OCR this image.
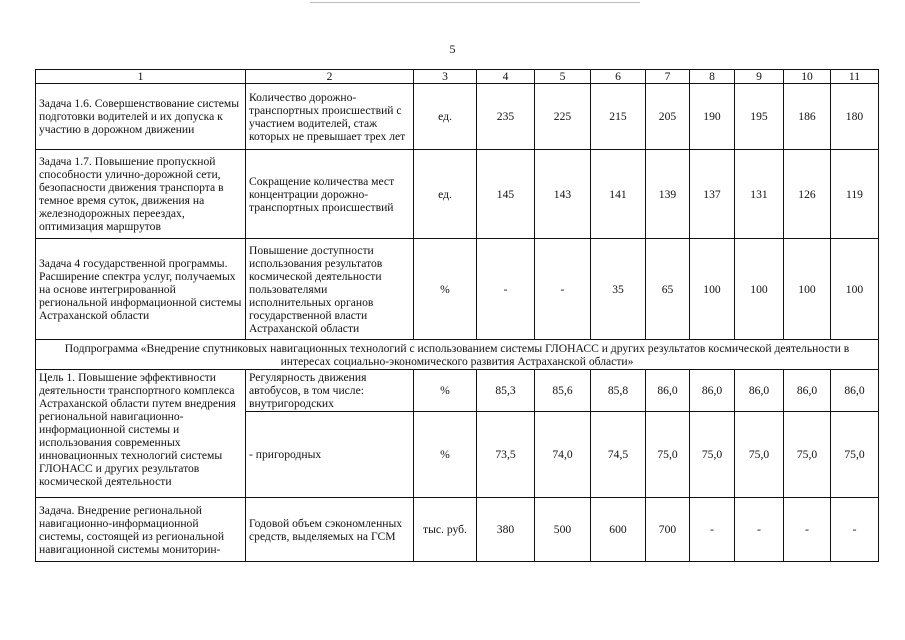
5
1	2	3	4	5	6	7	8	9	10	11
Задача 1.6. Совершенствование системы подготовки водителей и их допуска к участию в дорожном движении	Количество дорожно-транспортных происшествий с участием водителей, стаж которых не превышает трех лет	ед.	235	225	215	205	190	195	186	180
Задача 1.7. Повышение пропускной способности улично-дорожной сети, безопасности движения транспорта в темное время суток, движения на железнодорожных переездах, оптимизация маршрутов	Сокращение количества мест концентрации дорожно-транспортных происшествий	ед.	145	143	141	139	137	131	126	119
Задача 4 государственной программы. Расширение спектра услуг, получаемых на основе интегрированной региональной информационной системы Астраханской области	Повышение доступности использования результатов космической деятельности пользователями исполнительных органов государственной власти Астраханской области	%	-	-	35	65	100	100	100	100
Подпрограмма «Внедрение спутниковых навигационных технологий с использованием системы ГЛОНАСС и других результатов космической деятельности в интересах социально-экономического развития Астраханской области»										
Цель 1. Повышение эффективности деятельности транспортного комплекса Астраханской области путем внедрения региональной навигационно-информационной системы и использования современных инновационных технологий системы ГЛОНАСС и других результатов космической деятельности	Регулярность движения автобусов, в том числе: внутригородских	%	85,3	85,6	85,8	86,0	86,0	86,0	86,0	86,0
	- пригородных	%	73,5	74,0	74,5	75,0	75,0	75,0	75,0	75,0
Задача. Внедрение региональной навигационно-информационной системы, состоящей из региональной навигационной системы мониторин-	Годовой объем сэкономленных средств, выделяемых на ГСМ	тыс. руб.	380	500	600	700	-	-	-	-
